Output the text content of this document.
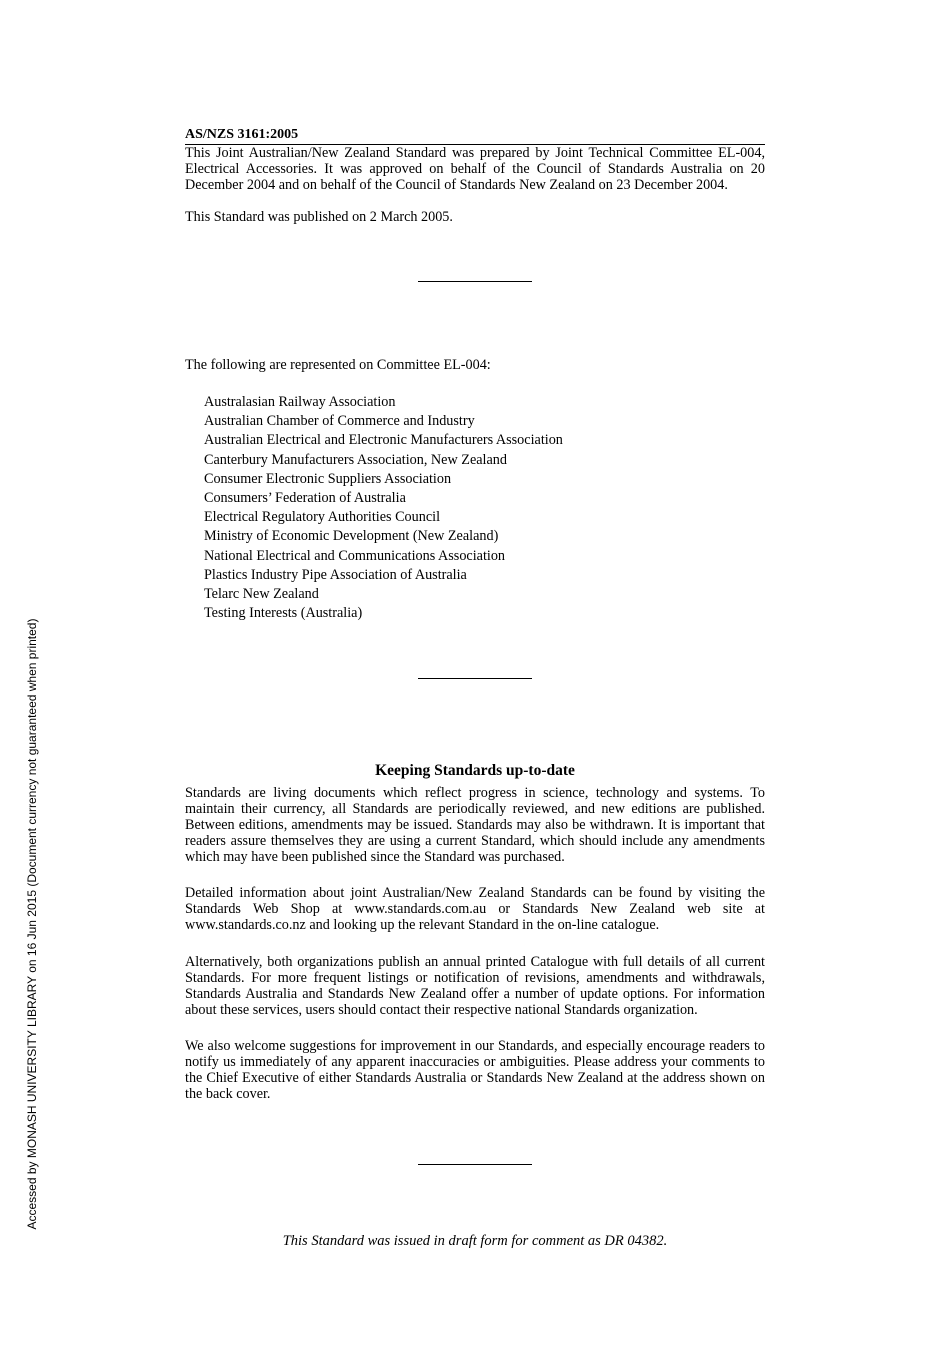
Accessed by MONASH UNIVERSITY LIBRARY on 16 Jun 2015 (Document currency not guaranteed when printed)
AS/NZS 3161:2005

This Joint Australian/New Zealand Standard was prepared by Joint Technical Committee EL-004, Electrical Accessories. It was approved on behalf of the Council of Standards Australia on 20 December 2004 and on behalf of the Council of Standards New Zealand on 23 December 2004.

This Standard was published on 2 March 2005.

The following are represented on Committee EL-004:

Australasian Railway Association
Australian Chamber of Commerce and Industry
Australian Electrical and Electronic Manufacturers Association
Canterbury Manufacturers Association, New Zealand
Consumer Electronic Suppliers Association
Consumers’ Federation of Australia
Electrical Regulatory Authorities Council
Ministry of Economic Development (New Zealand)
National Electrical and Communications Association
Plastics Industry Pipe Association of Australia
Telarc New Zealand
Testing Interests (Australia)
Keeping Standards up-to-date

Standards are living documents which reflect progress in science, technology and systems. To maintain their currency, all Standards are periodically reviewed, and new editions are published. Between editions, amendments may be issued. Standards may also be withdrawn. It is important that readers assure themselves they are using a current Standard, which should include any amendments which may have been published since the Standard was purchased.

Detailed information about joint Australian/New Zealand Standards can be found by visiting the Standards Web Shop at www.standards.com.au or Standards New Zealand web site at www.standards.co.nz and looking up the relevant Standard in the on-line catalogue.

Alternatively, both organizations publish an annual printed Catalogue with full details of all current Standards. For more frequent listings or notification of revisions, amendments and withdrawals, Standards Australia and Standards New Zealand offer a number of update options. For information about these services, users should contact their respective national Standards organization.

We also welcome suggestions for improvement in our Standards, and especially encourage readers to notify us immediately of any apparent inaccuracies or ambiguities. Please address your comments to the Chief Executive of either Standards Australia or Standards New Zealand at the address shown on the back cover.

This Standard was issued in draft form for comment as DR 04382.
